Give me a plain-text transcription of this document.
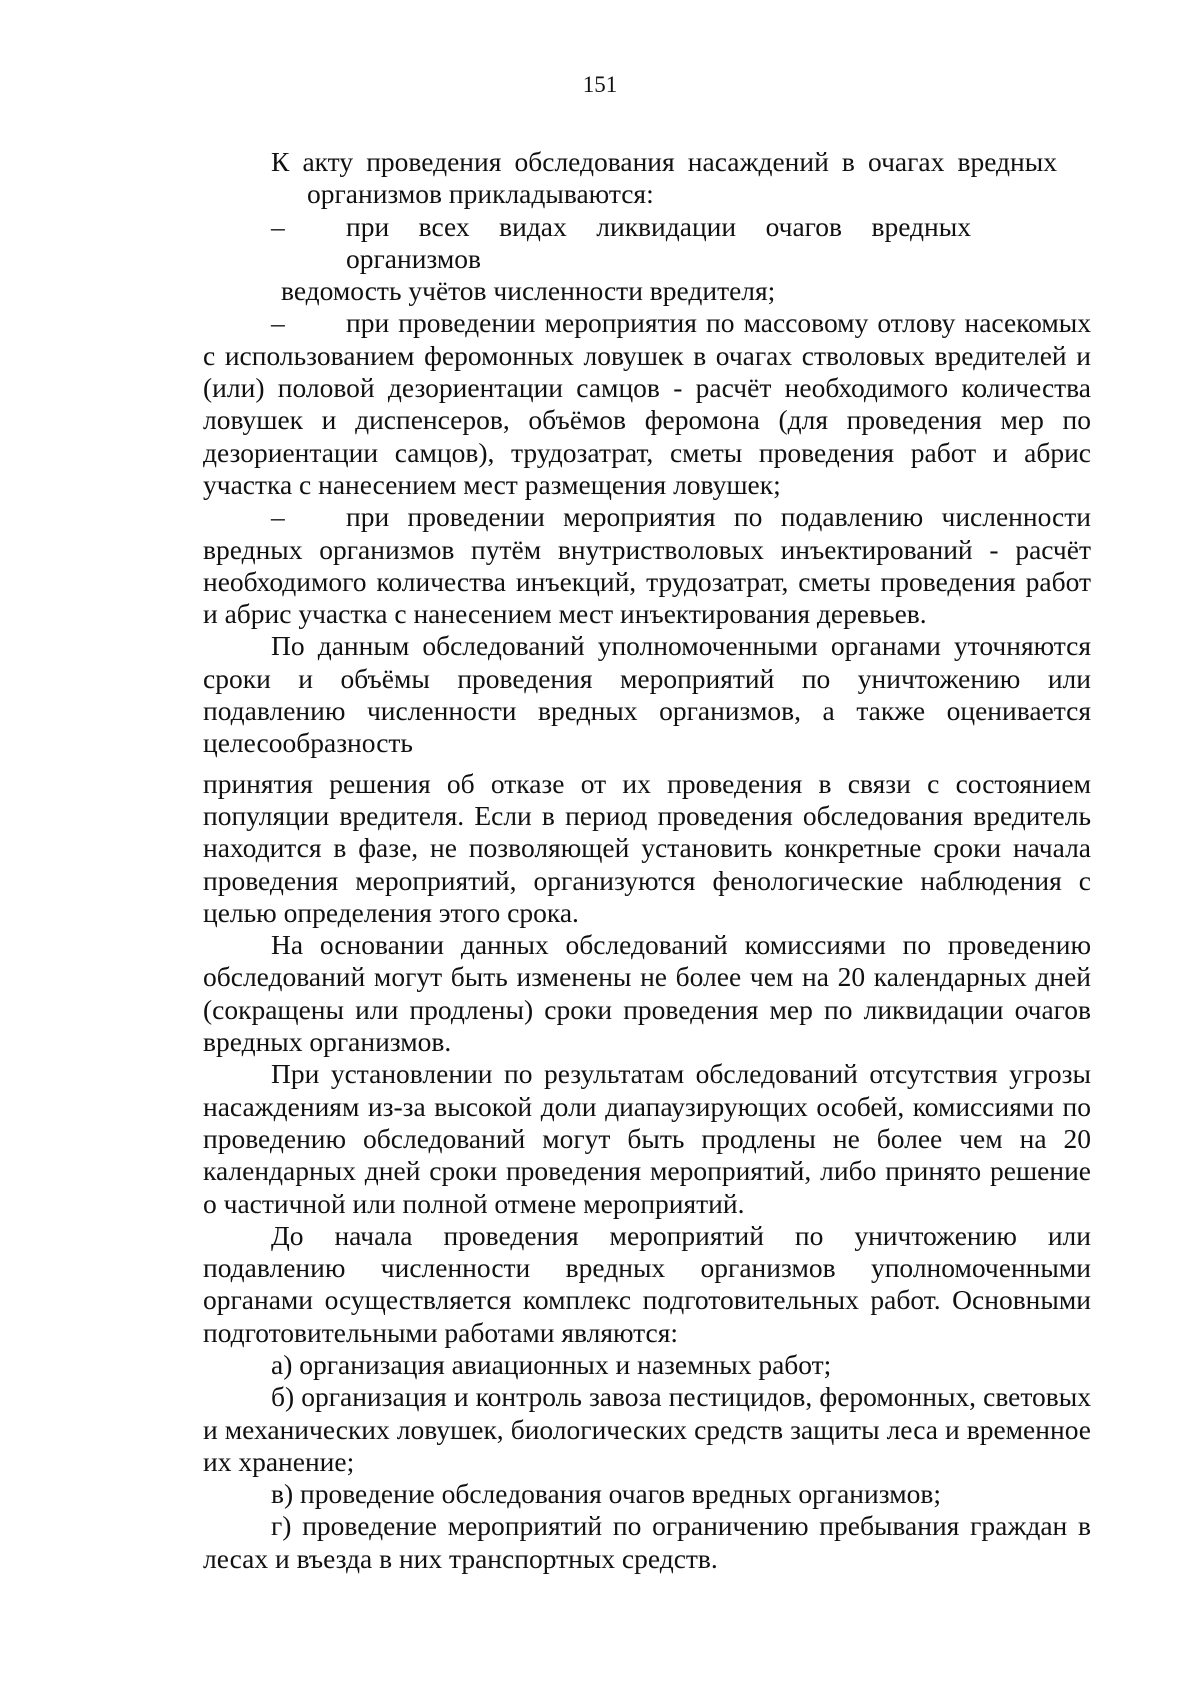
151

К акту проведения обследования насаждений в очагах вредных организмов прикладываются:

–	при всех видах ликвидации очагов вредных организмов

ведомость учётов численности вредителя;

– при проведении мероприятия по массовому отлову насекомых с использованием феромонных ловушек в очагах стволовых вредителей и (или) половой дезориентации самцов - расчёт необходимого количества ловушек и диспенсеров, объёмов феромона (для проведения мер по дезориентации самцов), трудозатрат, сметы проведения работ и абрис участка с нанесением мест размещения ловушек;

– при проведении мероприятия по подавлению численности вредных организмов путём внутриствoловых инъектирований - расчёт необходимого количества инъекций, трудозатрат, сметы проведения работ и абрис участка с нанесением мест инъектирования деревьев.

По данным обследований уполномоченными органами уточняются сроки и объёмы проведения мероприятий по уничтожению или подавлению численности вредных организмов, а также оценивается целесообразность

принятия решения об отказе от их проведения в связи с состоянием популяции вредителя. Если в период проведения обследования вредитель находится в фазе, не позволяющей установить конкретные сроки начала проведения мероприятий, организуются фенологические наблюдения с целью определения этого срока.

На основании данных обследований комиссиями по проведению обследований могут быть изменены не более чем на 20 календарных дней (сокращены или продлены) сроки проведения мер по ликвидации очагов вредных организмов.

При установлении по результатам обследований отсутствия угрозы насаждениям из-за высокой доли диапаузирующих особей, комиссиями по проведению обследований могут быть продлены не более чем на 20 календарных дней сроки проведения мероприятий, либо принято решение о частичной или полной отмене мероприятий.

До начала проведения мероприятий по уничтожению или подавлению численности вредных организмов уполномоченными органами осуществляется комплекс подготовительных работ. Основными подготовительными работами являются:

а) организация авиационных и наземных работ;

б) организация и контроль завоза пестицидов, феромонных, световых и механических ловушек, биологических средств защиты леса и временное их хранение;

в) проведение обследования очагов вредных организмов;

г) проведение мероприятий по ограничению пребывания граждан в лесах и въезда в них транспортных средств.
